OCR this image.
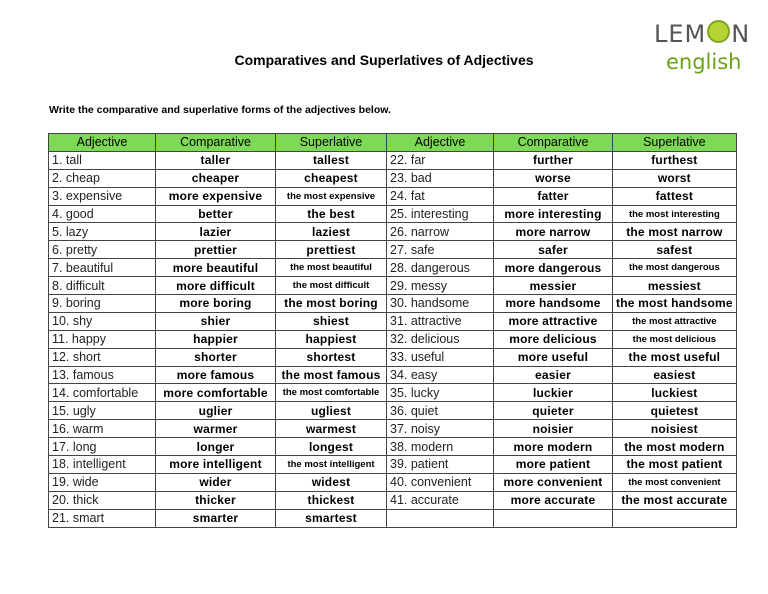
Comparatives and Superlatives of Adjectives
LEM N
english
Write the comparative and superlative forms of the adjectives below.
Adjective	Comparative	Superlative	Adjective	Comparative	Superlative
1. tall	taller	tallest	22. far	further	furthest
2. cheap	cheaper	cheapest	23. bad	worse	worst
3. expensive	more expensive	the most expensive	24. fat	fatter	fattest
4. good	better	the best	25. interesting	more interesting	the most interesting
5. lazy	lazier	laziest	26. narrow	more narrow	the most narrow
6. pretty	prettier	prettiest	27. safe	safer	safest
7. beautiful	more beautiful	the most beautiful	28. dangerous	more dangerous	the most dangerous
8. difficult	more difficult	the most difficult	29. messy	messier	messiest
9. boring	more boring	the most boring	30. handsome	more handsome	the most handsome
10. shy	shier	shiest	31. attractive	more attractive	the most attractive
11. happy	happier	happiest	32. delicious	more delicious	the most delicious
12. short	shorter	shortest	33. useful	more useful	the most useful
13. famous	more famous	the most famous	34. easy	easier	easiest
14. comfortable	more comfortable	the most comfortable	35. lucky	luckier	luckiest
15. ugly	uglier	ugliest	36. quiet	quieter	quietest
16. warm	warmer	warmest	37. noisy	noisier	noisiest
17. long	longer	longest	38. modern	more modern	the most modern
18. intelligent	more intelligent	the most intelligent	39. patient	more patient	the most patient
19. wide	wider	widest	40. convenient	more convenient	the most convenient
20. thick	thicker	thickest	41. accurate	more accurate	the most accurate
21. smart	smarter	smartest			
